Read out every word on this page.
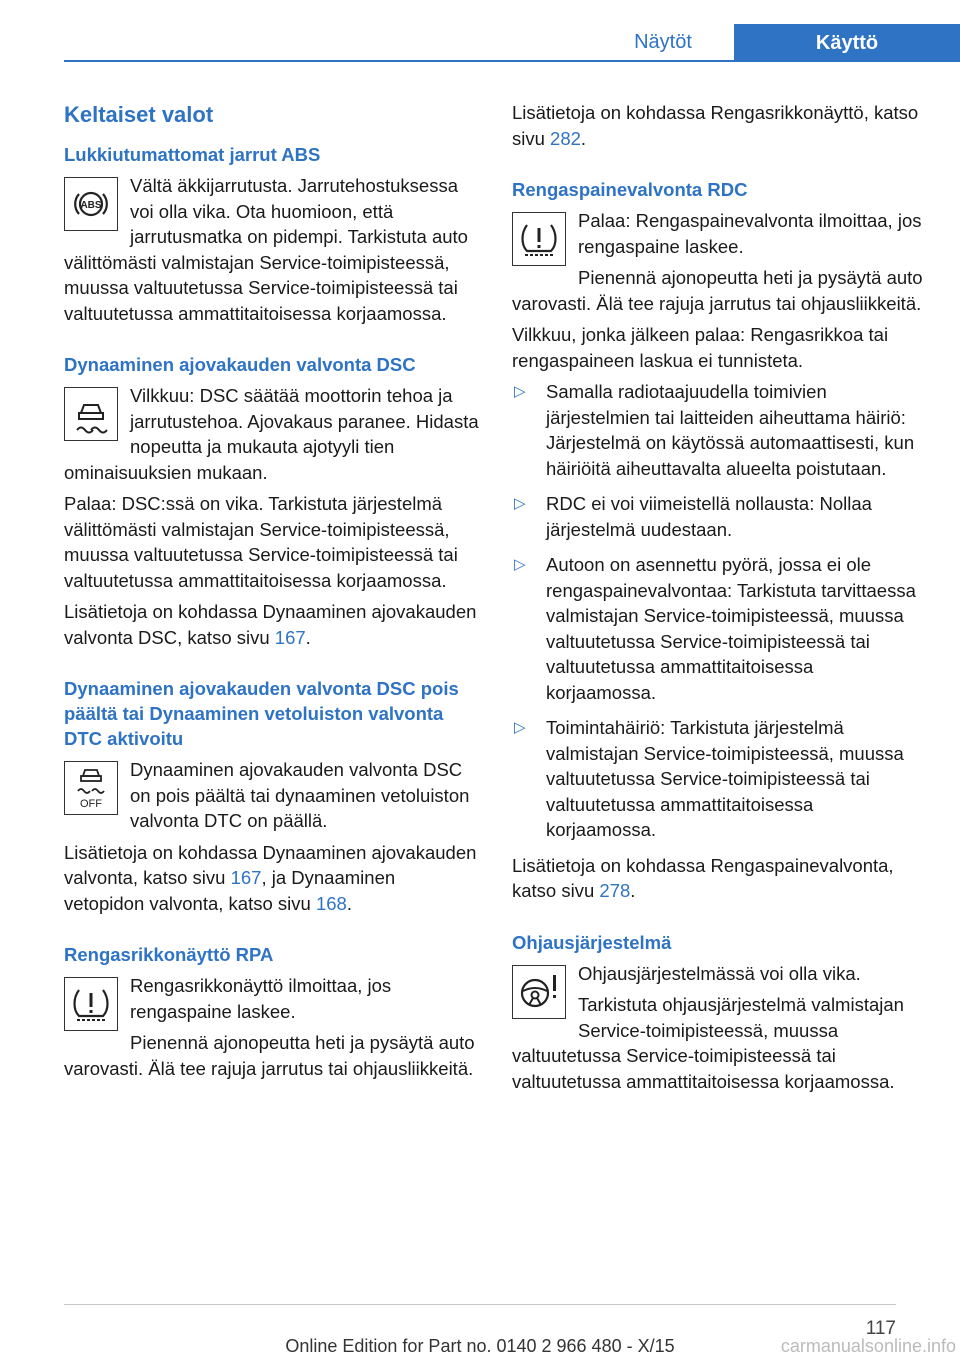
Näytöt	Käyttö
Keltaiset valot
Lukkiutumattomat jarrut ABS
ABS
Vältä äkkijarrutusta. Jarrutehostuksessa voi olla vika. Ota huomioon, että jarrutusmatka on pidempi. Tarkistuta auto välittömästi valmistajan Service-toimipisteessä, muussa valtuutetussa Service-toimipisteessä tai valtuutetussa ammattitaitoisessa korjaamossa.
Dynaaminen ajovakauden valvonta DSC
Vilkkuu: DSC säätää moottorin tehoa ja jarrutustehoa. Ajovakaus paranee. Hidasta nopeutta ja mukauta ajotyyli tien ominaisuuksien mukaan.
Palaa: DSC:ssä on vika. Tarkistuta järjestelmä välittömästi valmistajan Service-toimipisteessä, muussa valtuutetussa Service-toimipisteessä tai valtuutetussa ammattitaitoisessa korjaamossa.
Lisätietoja on kohdassa Dynaaminen ajovakauden valvonta DSC, katso sivu 167.
Dynaaminen ajovakauden valvonta DSC pois päältä tai Dynaaminen vetoluiston valvonta DTC aktivoitu
OFF
Dynaaminen ajovakauden valvonta DSC on pois päältä tai dynaaminen vetoluiston valvonta DTC on päällä.
Lisätietoja on kohdassa Dynaaminen ajovakauden valvonta, katso sivu 167, ja Dynaaminen vetopidon valvonta, katso sivu 168.
Rengasrikkonäyttö RPA
Rengasrikkonäyttö ilmoittaa, jos rengaspaine laskee.
Pienennä ajonopeutta heti ja pysäytä auto varovasti. Älä tee rajuja jarrutus tai ohjausliikkeitä.
Lisätietoja on kohdassa Rengasrikkonäyttö, katso sivu 282.
Rengaspainevalvonta RDC
Palaa: Rengaspainevalvonta ilmoittaa, jos rengaspaine laskee.
Pienennä ajonopeutta heti ja pysäytä auto varovasti. Älä tee rajuja jarrutus tai ohjausliikkeitä.
Vilkkuu, jonka jälkeen palaa: Rengasrikkoa tai rengaspaineen laskua ei tunnisteta.
▷ Samalla radiotaajuudella toimivien järjestelmien tai laitteiden aiheuttama häiriö: Järjestelmä on käytössä automaattisesti, kun häiriöitä aiheuttavalta alueelta poistutaan.
▷ RDC ei voi viimeistellä nollausta: Nollaa järjestelmä uudestaan.
▷ Autoon on asennettu pyörä, jossa ei ole rengaspainevalvontaa: Tarkistuta tarvittaessa valmistajan Service-toimipisteessä, muussa valtuutetussa Service-toimipisteessä tai valtuutetussa ammattitaitoisessa korjaamossa.
▷ Toimintahäiriö: Tarkistuta järjestelmä valmistajan Service-toimipisteessä, muussa valtuutetussa Service-toimipisteessä tai valtuutetussa ammattitaitoisessa korjaamossa.
Lisätietoja on kohdassa Rengaspainevalvonta, katso sivu 278.
Ohjausjärjestelmä
Ohjausjärjestelmässä voi olla vika.
Tarkistuta ohjausjärjestelmä valmistajan Service-toimipisteessä, muussa valtuutetussa Service-toimipisteessä tai valtuutetussa ammattitaitoisessa korjaamossa.
117
Online Edition for Part no. 0140 2 966 480 - X/15	carmanualsonline.info
